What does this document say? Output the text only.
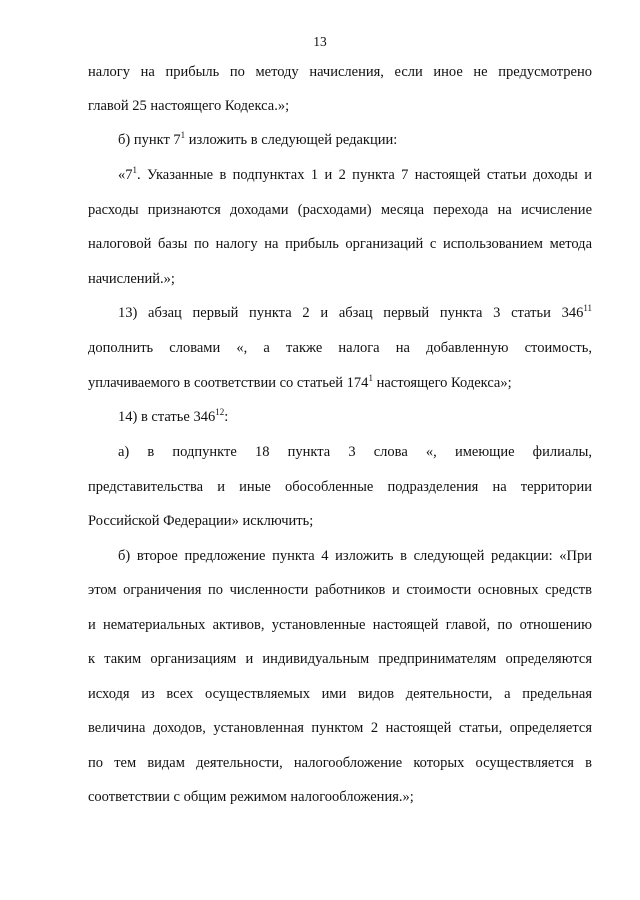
13
налогу на прибыль по методу начисления, если иное не предусмотрено
главой 25 настоящего Кодекса.»;
б) пункт $7^1$ изложить в следующей редакции:
«$7^1$. Указанные в подпунктах 1 и 2 пункта 7 настоящей статьи доходы и
расходы признаются доходами (расходами) месяца перехода на исчисление
налоговой базы по налогу на прибыль организаций с использованием метода
начислений.»;
13) абзац первый пункта 2 и абзац первый пункта 3 статьи $346^{11}$
дополнить словами «, а также налога на добавленную стоимость,
уплачиваемого в соответствии со статьей $174^1$ настоящего Кодекса»;
14) в статье $346^{12}$:
а) в подпункте 18 пункта 3 слова «, имеющие филиалы,
представительства и иные обособленные подразделения на территории
Российской Федерации» исключить;
б) второе предложение пункта 4 изложить в следующей редакции: «При
этом ограничения по численности работников и стоимости основных средств
и нематериальных активов, установленные настоящей главой, по отношению
к таким организациям и индивидуальным предпринимателям определяются
исходя из всех осуществляемых ими видов деятельности, а предельная
величина доходов, установленная пунктом 2 настоящей статьи, определяется
по тем видам деятельности, налогообложение которых осуществляется в
соответствии с общим режимом налогообложения.»;
